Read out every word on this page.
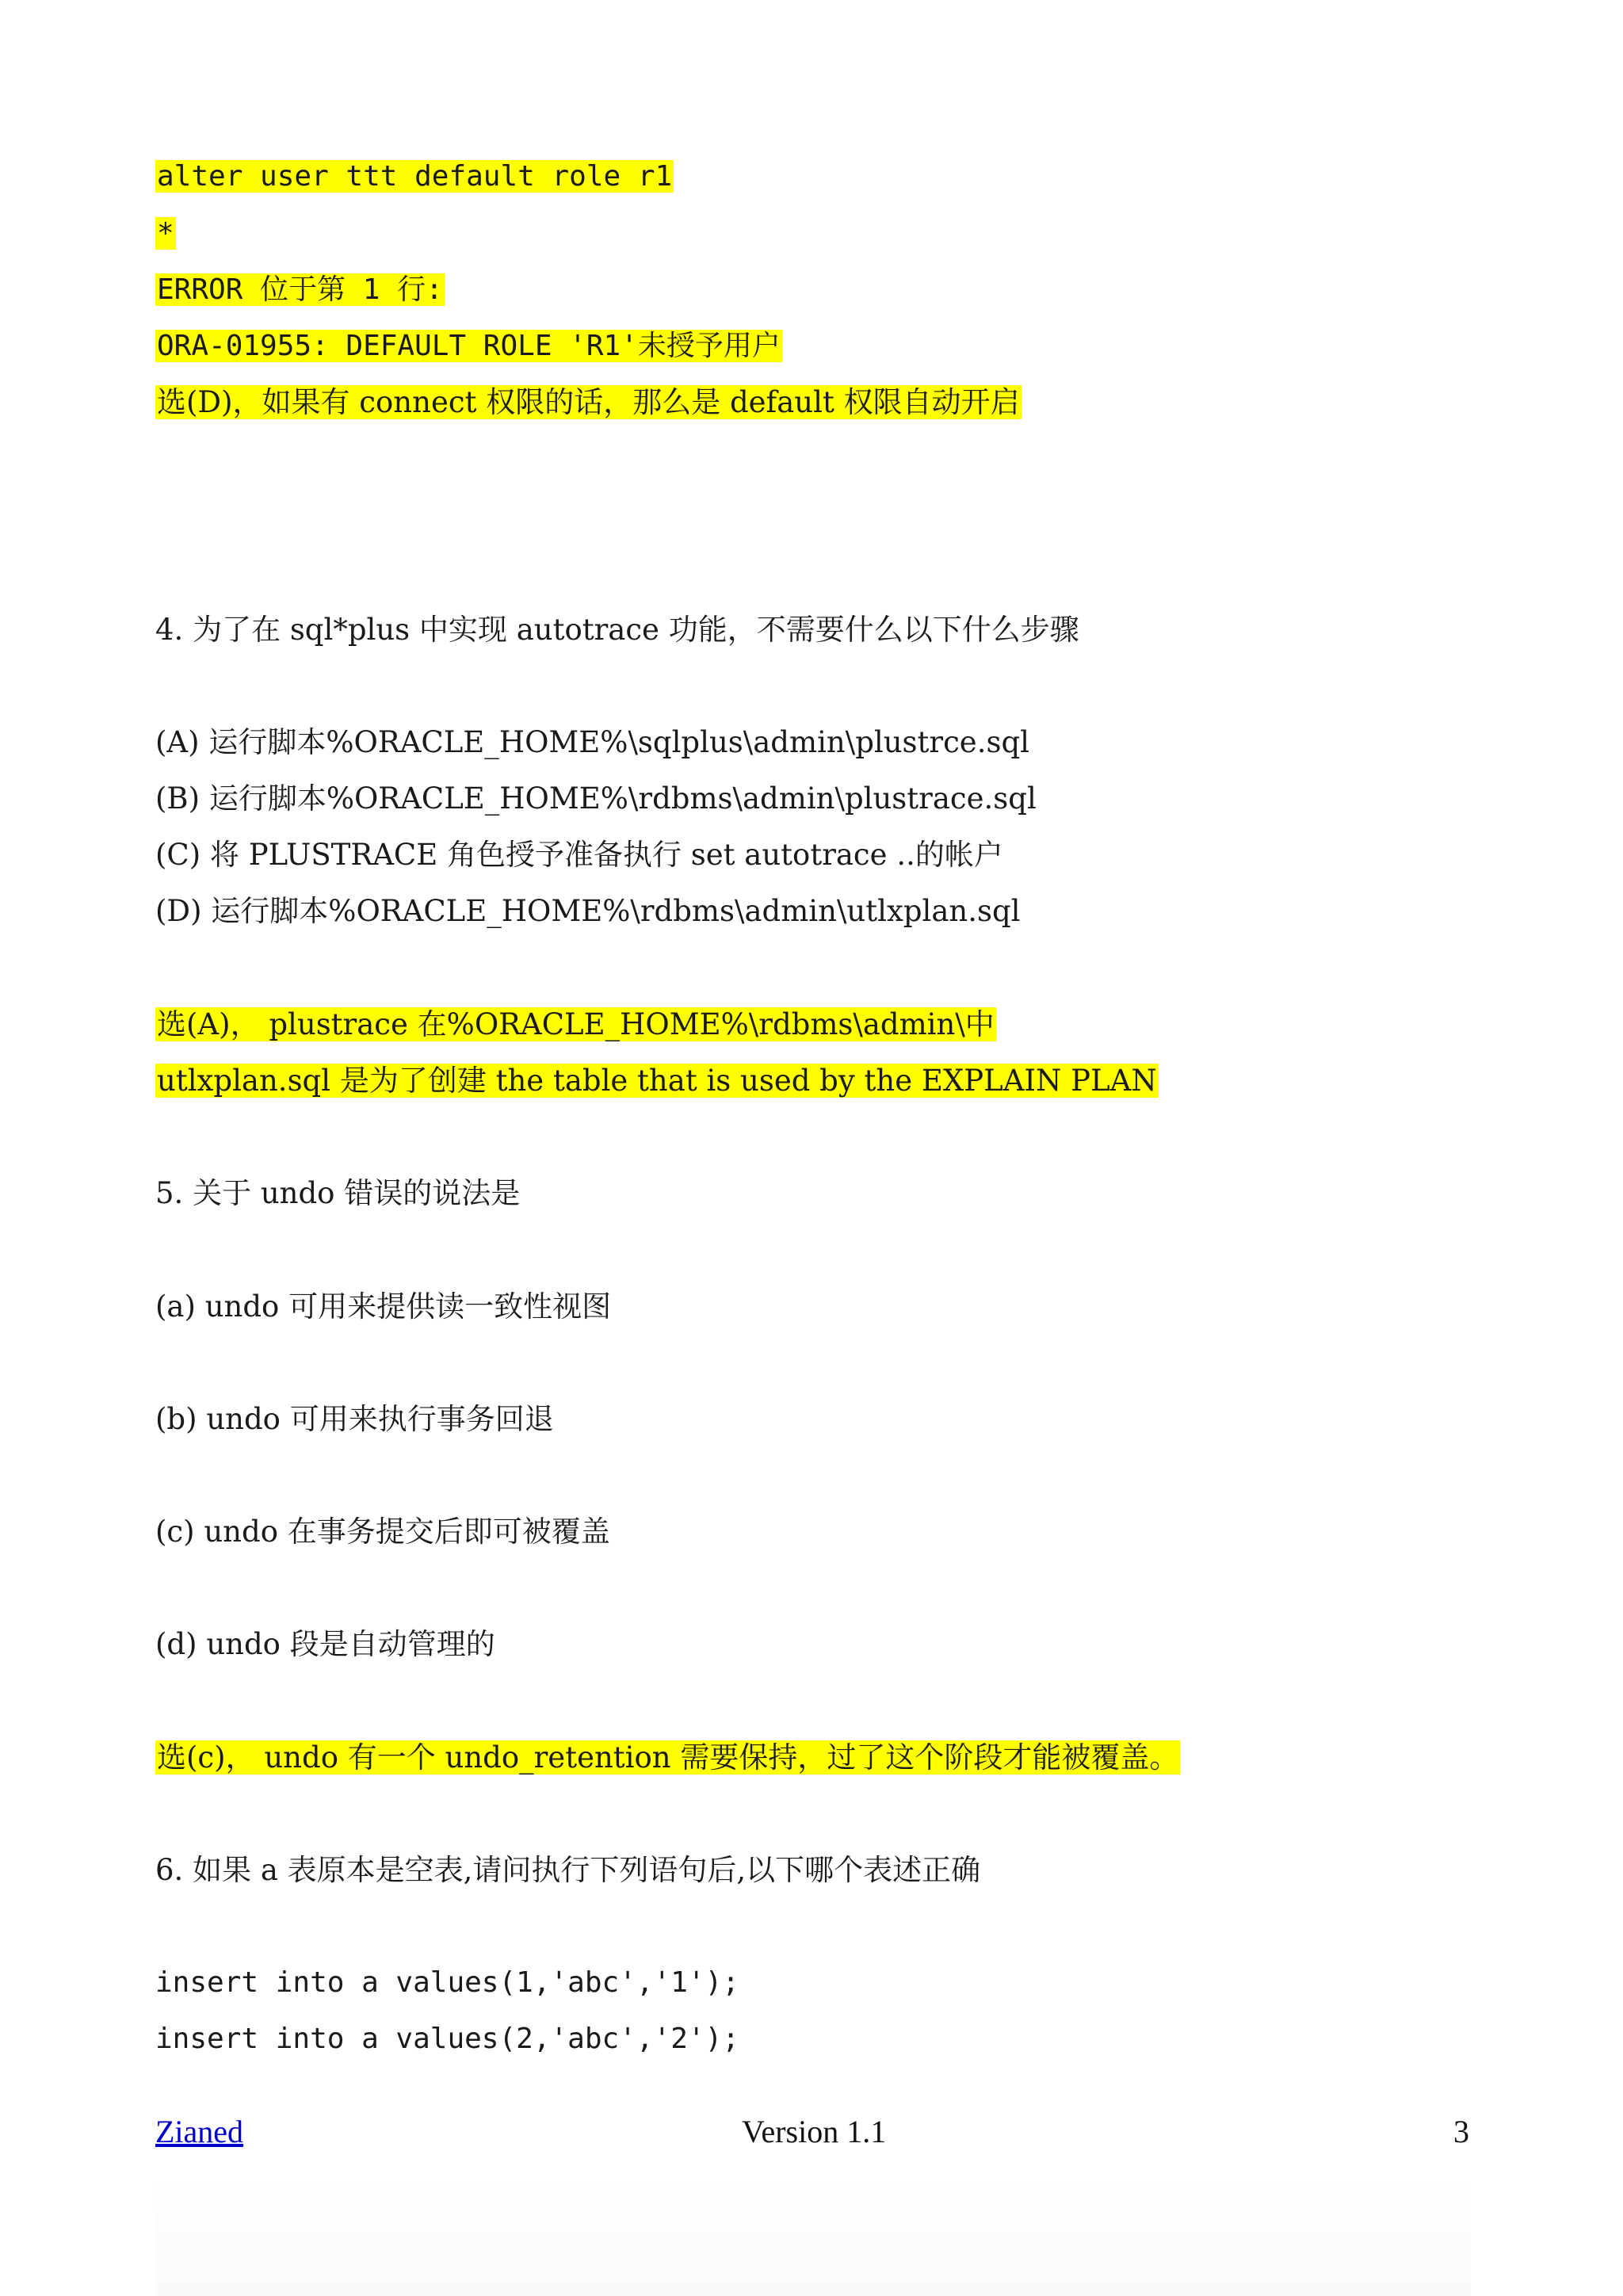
alter user ttt default role r1
*
ERROR 位于第 1 行:
ORA-01955: DEFAULT ROLE 'R1'未授予用户
选(D)，如果有 connect 权限的话，那么是 default 权限自动开启
4. 为了在 sql*plus 中实现 autotrace 功能，不需要什么以下什么步骤
(A) 运行脚本%ORACLE_HOME%\sqlplus\admin\plustrce.sql
(B) 运行脚本%ORACLE_HOME%\rdbms\admin\plustrace.sql
(C) 将 PLUSTRACE 角色授予准备执行 set autotrace ..的帐户
(D) 运行脚本%ORACLE_HOME%\rdbms\admin\utlxplan.sql
选(A)， plustrace 在%ORACLE_HOME%\rdbms\admin\中
utlxplan.sql 是为了创建 the table that is used by the EXPLAIN PLAN
5. 关于 undo 错误的说法是
(a) undo 可用来提供读一致性视图
(b) undo 可用来执行事务回退
(c) undo 在事务提交后即可被覆盖
(d) undo 段是自动管理的
选(c)， undo 有一个 undo_retention 需要保持，过了这个阶段才能被覆盖。
6. 如果 a 表原本是空表,请问执行下列语句后,以下哪个表述正确
insert into a values(1,'abc','1');
insert into a values(2,'abc','2');
Zianed	Version 1.1	3
